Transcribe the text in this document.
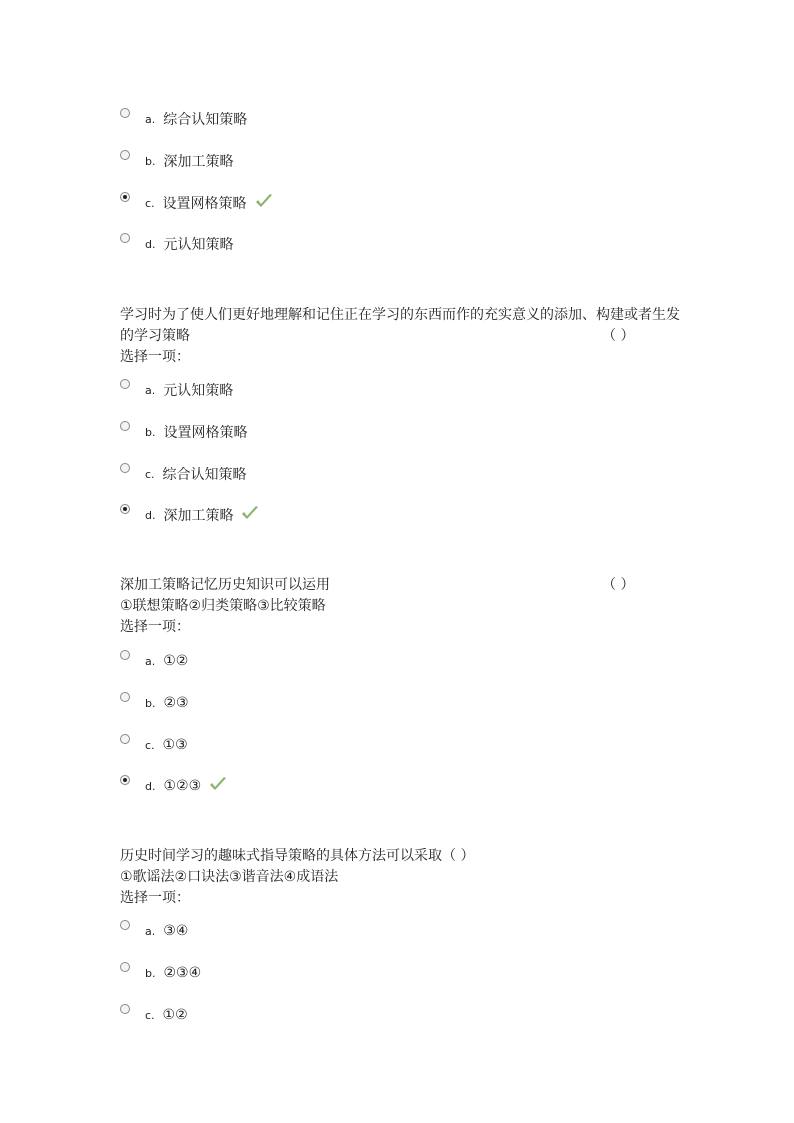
a. 综合认知策略
b. 深加工策略
c. 设置网格策略
d. 元认知策略
学习时为了使人们更好地理解和记住正在学习的东西而作的充实意义的添加、构建或者生发
的学习策略	（ ）
选择一项：
a. 元认知策略
b. 设置网格策略
c. 综合认知策略
d. 深加工策略
深加工策略记忆历史知识可以运用	（ ）
①联想策略②归类策略③比较策略
选择一项：
a. ①②
b. ②③
c. ①③
d. ①②③
历史时间学习的趣味式指导策略的具体方法可以采取（ ）
①歌谣法②口诀法③谐音法④成语法
选择一项：
a. ③④
b. ②③④
c. ①②
